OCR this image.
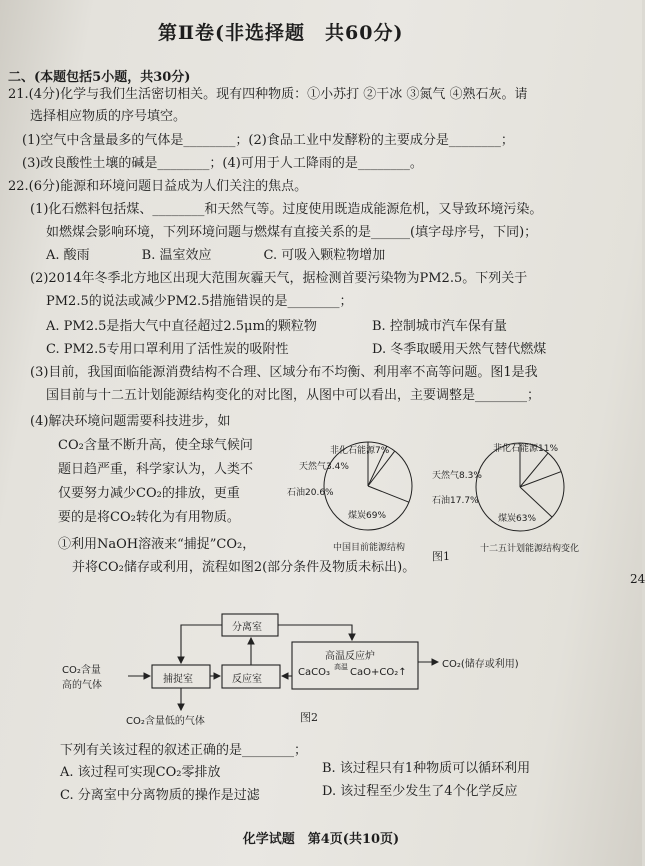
第Ⅱ卷(非选择题　共60分)
二、(本题包括5小题，共30分)
21.(4分)化学与我们生活密切相关。现有四种物质：①小苏打 ②干冰 ③氮气 ④熟石灰。请
选择相应物质的序号填空。
(1)空气中含量最多的气体是________；(2)食品工业中发酵粉的主要成分是________；
(3)改良酸性土壤的碱是________；(4)可用于人工降雨的是________。
22.(6分)能源和环境问题日益成为人们关注的焦点。
(1)化石燃料包括煤、________和天然气等。过度使用既造成能源危机，又导致环境污染。
如燃煤会影响环境，下列环境问题与燃煤有直接关系的是______(填字母序号，下同)；
A. 酸雨　　　　B. 温室效应　　　　C. 可吸入颗粒物增加
(2)2014年冬季北方地区出现大范围灰霾天气，据检测首要污染物为PM2.5。下列关于
PM2.5的说法或减少PM2.5措施错误的是________；
A. PM2.5是指大气中直径超过2.5μm的颗粒物	B. 控制城市汽车保有量
C. PM2.5专用口罩利用了活性炭的吸附性	D. 冬季取暖用天然气替代燃煤
(3)目前，我国面临能源消费结构不合理、区域分布不均衡、利用率不高等问题。图1是我
国目前与十二五计划能源结构变化的对比图，从图中可以看出，主要调整是________；
(4)解决环境问题需要科技进步，如
CO₂含量不断升高，使全球气候问
题日趋严重，科学家认为，人类不
仅要努力减少CO₂的排放，更重
要的是将CO₂转化为有用物质。
①利用NaOH溶液来“捕捉”CO₂，
并将CO₂储存或利用，流程如图2(部分条件及物质未标出)。
中国目前能源结构	十二五计划能源结构变化
图1
非化石能源7%
天然气3.4%
石油20.6%
煤炭69%
非化石能源11%
天然气8.3%
石油17.7%
煤炭63%
CO₂含量
高的气体
捕捉室
分离室
反应室
高温反应炉
CaCO₃ 高温 CaO+CO₂↑
CO₂(储存或利用)
CO₂含量低的气体	图2
下列有关该过程的叙述正确的是________；
A. 该过程可实现CO₂零排放	B. 该过程只有1种物质可以循环利用
C. 分离室中分离物质的操作是过滤	D. 该过程至少发生了4个化学反应
化学试题　第4页(共10页)
24
